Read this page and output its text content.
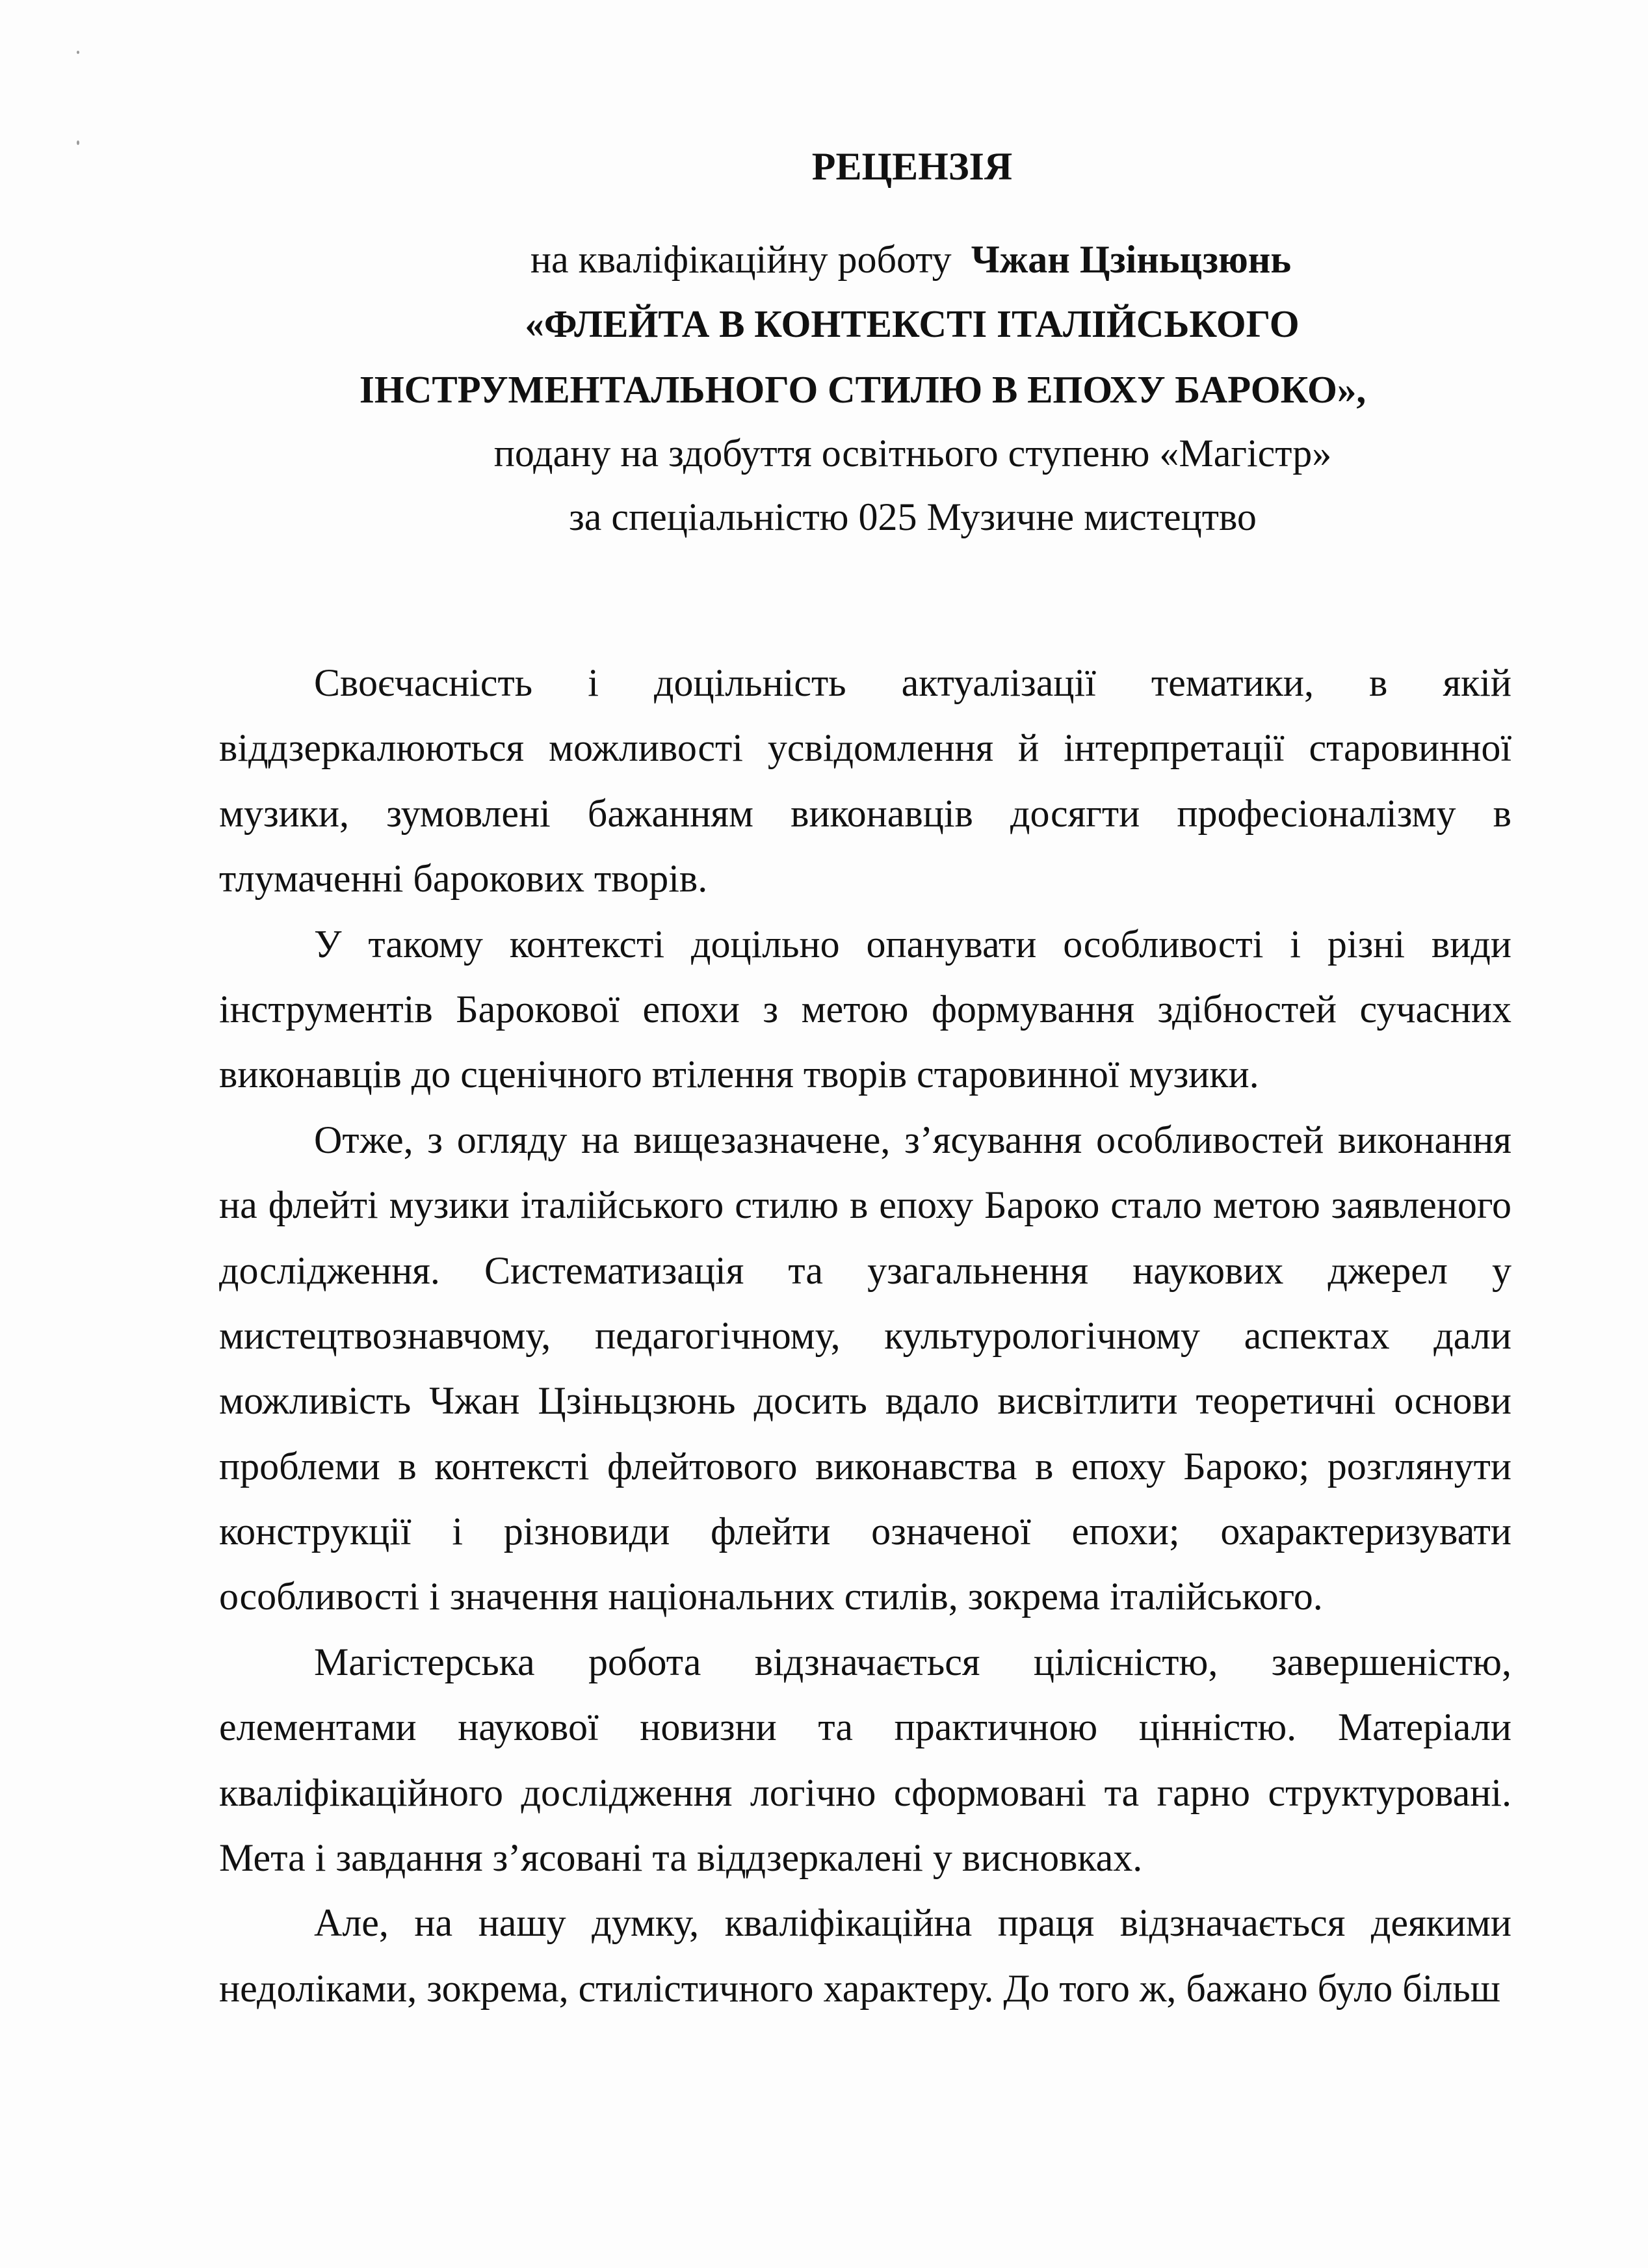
РЕЦЕНЗІЯ
на кваліфікаційну роботу Чжан Цзіньцзюнь
«ФЛЕЙТА В КОНТЕКСТІ ІТАЛІЙСЬКОГО
ІНСТРУМЕНТАЛЬНОГО СТИЛЮ В ЕПОХУ БАРОКО»,
подану на здобуття освітнього ступеню «Магістр»
за спеціальністю 025 Музичне мистецтво
Своєчасність і доцільність актуалізації тематики, в якій
віддзеркалюються можливості усвідомлення й інтерпретації старовинної
музики, зумовлені бажанням виконавців досягти професіоналізму в
тлумаченні барокових творів.
У такому контексті доцільно опанувати особливості і різні види
інструментів Барокової епохи з метою формування здібностей сучасних
виконавців до сценічного втілення творів старовинної музики.
Отже, з огляду на вищезазначене, з’ясування особливостей виконання
на флейті музики італійського стилю в епоху Бароко стало метою заявленого
дослідження. Систематизація та узагальнення наукових джерел у
мистецтвознавчому, педагогічному, культурологічному аспектах дали
можливість Чжан Цзіньцзюнь досить вдало висвітлити теоретичні основи
проблеми в контексті флейтового виконавства в епоху Бароко; розглянути
конструкції і різновиди флейти означеної епохи; охарактеризувати
особливості і значення національних стилів, зокрема італійського.
Магістерська робота відзначається цілісністю, завершеністю,
елементами наукової новизни та практичною цінністю. Матеріали
кваліфікаційного дослідження логічно сформовані та гарно структуровані.
Мета і завдання з’ясовані та віддзеркалені у висновках.
Але, на нашу думку, кваліфікаційна праця відзначається деякими
недоліками, зокрема, стилістичного характеру. До того ж, бажано було більш
